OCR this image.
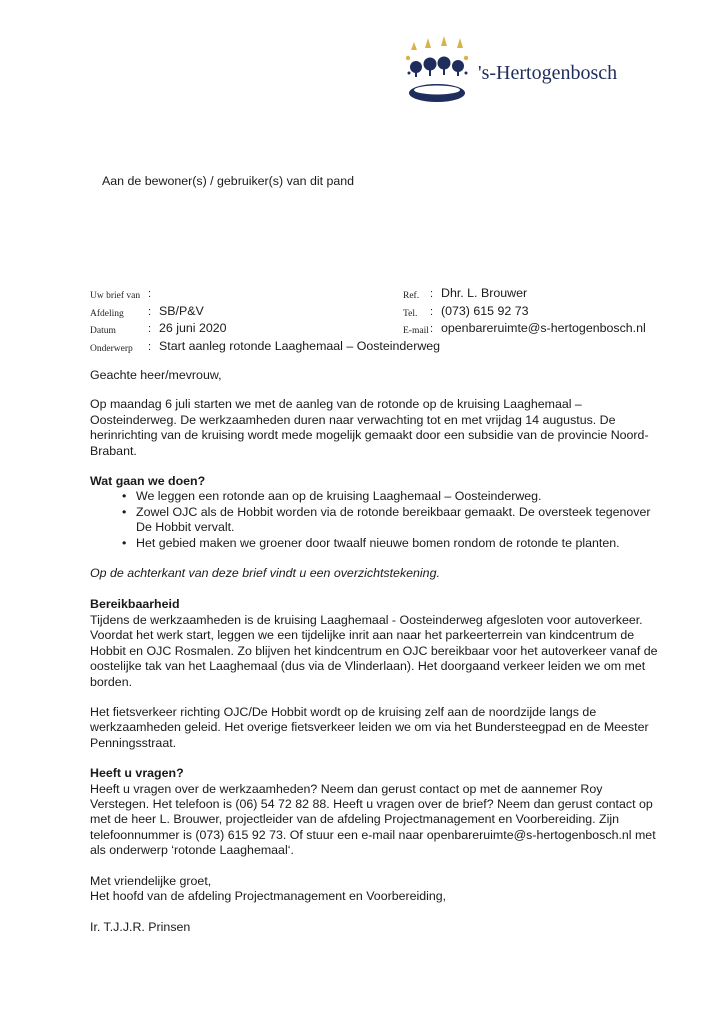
's-Hertogenbosch
Aan de bewoner(s) / gebruiker(s) van dit pand
Uw brief van :
Afdeling : SB/P&V
Datum	: 26 juni 2020
Onderwerp : Start aanleg rotonde Laaghemaal – Oosteinderweg
Ref. : Dhr. L. Brouwer
Tel. : (073) 615 92 73
E-mail : openbareruimte@s-hertogenbosch.nl

Geachte heer/mevrouw,

Op maandag 6 juli starten we met de aanleg van de rotonde op de kruising Laaghemaal – Oosteinderweg. De werkzaamheden duren naar verwachting tot en met vrijdag 14 augustus. De herinrichting van de kruising wordt mede mogelijk gemaakt door een subsidie van de provincie Noord-Brabant.

Wat gaan we doen?
• We leggen een rotonde aan op de kruising Laaghemaal – Oosteinderweg.
• Zowel OJC als de Hobbit worden via de rotonde bereikbaar gemaakt. De oversteek tegenover De Hobbit vervalt.
• Het gebied maken we groener door twaalf nieuwe bomen rondom de rotonde te planten.

Op de achterkant van deze brief vindt u een overzichtstekening.

Bereikbaarheid

Tijdens de werkzaamheden is de kruising Laaghemaal - Oosteinderweg afgesloten voor autoverkeer. Voordat het werk start, leggen we een tijdelijke inrit aan naar het parkeerterrein van kindcentrum de Hobbit en OJC Rosmalen. Zo blijven het kindcentrum en OJC bereikbaar voor het autoverkeer vanaf de oostelijke tak van het Laaghemaal (dus via de Vlinderlaan). Het doorgaand verkeer leiden we om met borden.

Het fietsverkeer richting OJC/De Hobbit wordt op de kruising zelf aan de noordzijde langs de werkzaamheden geleid. Het overige fietsverkeer leiden we om via het Bundersteegpad en de Meester Penningsstraat.

Heeft u vragen?

Heeft u vragen over de werkzaamheden? Neem dan gerust contact op met de aannemer Roy Verstegen. Het telefoon is (06) 54 72 82 88. Heeft u vragen over de brief? Neem dan gerust contact op met de heer L. Brouwer, projectleider van de afdeling Projectmanagement en Voorbereiding. Zijn telefoonnummer is (073) 615 92 73. Of stuur een e-mail naar openbareruimte@s-hertogenbosch.nl met als onderwerp ‘rotonde Laaghemaal‘.

Met vriendelijke groet,

Het hoofd van de afdeling Projectmanagement en Voorbereiding,

Ir. T.J.J.R. Prinsen
